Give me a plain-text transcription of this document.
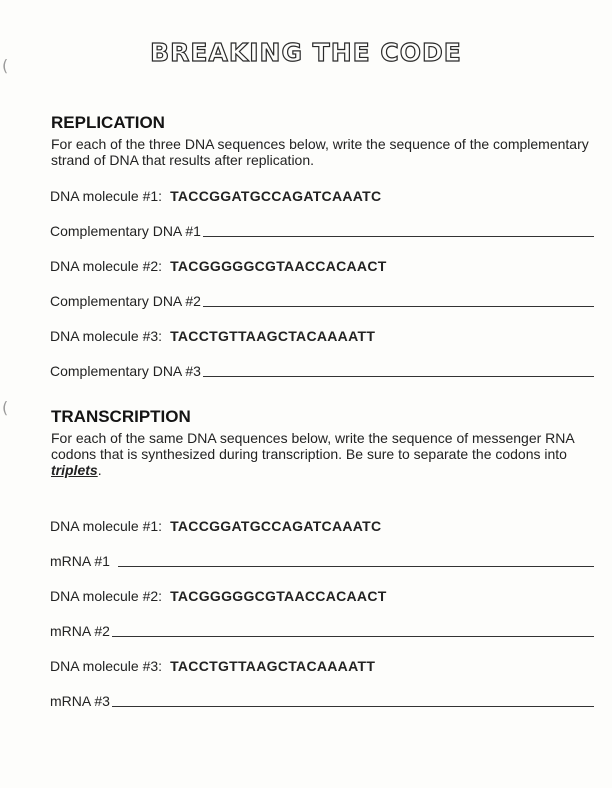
(
(
BREAKING THE CODE
REPLICATION
For each of the three DNA sequences below, write the sequence of the complementary strand of DNA that results after replication.
DNA molecule #1: TACCGGATGCCAGATCAAATC
Complementary DNA #1
DNA molecule #2: TACGGGGGCGTAACCACAACT
Complementary DNA #2
DNA molecule #3: TACCTGTTAAGCTACAAAATT
Complementary DNA #3
TRANSCRIPTION
For each of the same DNA sequences below, write the sequence of messenger RNA codons that is synthesized during transcription. Be sure to separate the codons into triplets.
DNA molecule #1: TACCGGATGCCAGATCAAATC
mRNA #1
DNA molecule #2: TACGGGGGCGTAACCACAACT
mRNA #2
DNA molecule #3: TACCTGTTAAGCTACAAAATT
mRNA #3
